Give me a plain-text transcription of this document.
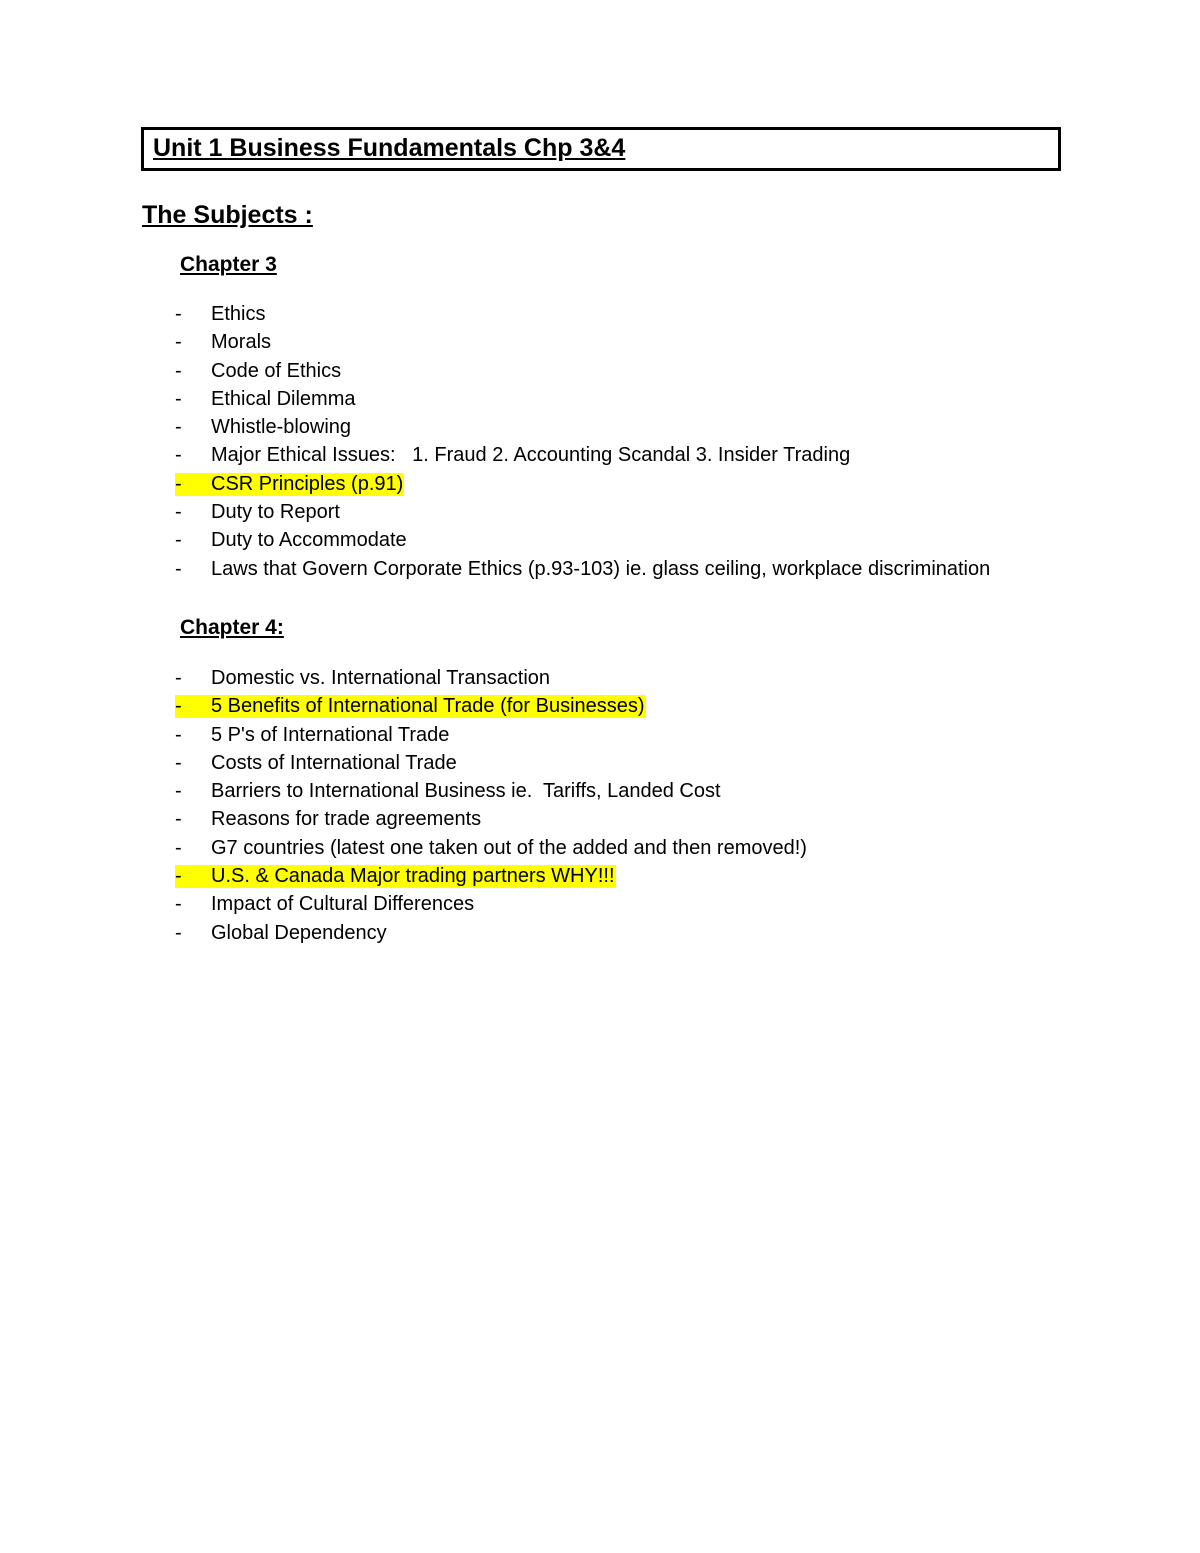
Unit 1 Business Fundamentals Chp 3&4
The Subjects :
Chapter 3
- Ethics
- Morals
- Code of Ethics
- Ethical Dilemma
- Whistle-blowing
- Major Ethical Issues:   1. Fraud 2. Accounting Scandal 3. Insider Trading
- CSR Principles (p.91)
- Duty to Report
- Duty to Accommodate
- Laws that Govern Corporate Ethics (p.93-103) ie. glass ceiling, workplace discrimination
Chapter 4:
- Domestic vs. International Transaction
- 5 Benefits of International Trade (for Businesses)
- 5 P's of International Trade
- Costs of International Trade
- Barriers to International Business ie.  Tariffs, Landed Cost
- Reasons for trade agreements
- G7 countries (latest one taken out of the added and then removed!)
- U.S. & Canada Major trading partners WHY!!!
- Impact of Cultural Differences
- Global Dependency
